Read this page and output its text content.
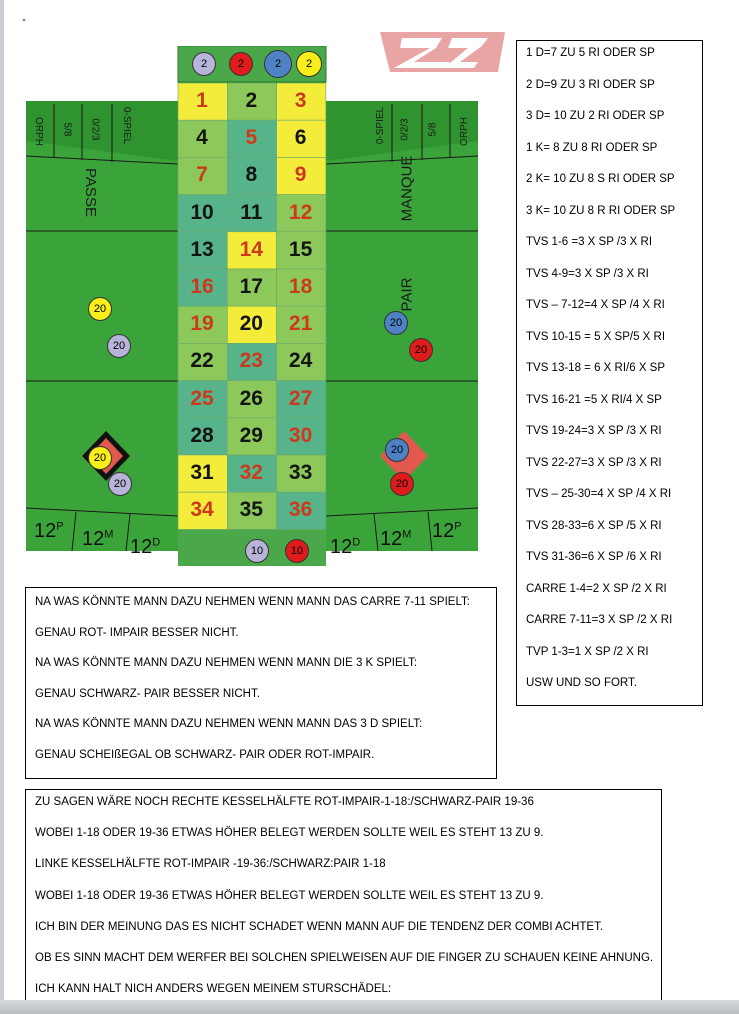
-
1	2	3
4	5	6
7	8	9
10	11	12
13	14	15
16	17	18
19	20	21
22	23	24
25	26	27
28	29	30
31	32	33
34	35	36
PASSE	MANQUE
PAIR
ORPH 5/8 0/2/3 0-SPIEL	0-SPIEL 0/2/3 5/8 ORPH
$12^P$
$12^M$
$12^D$	$12^D$ $12^M$ $12^P$
2	2	2	2
20
20
20
20
20
20
20
20
10	10
1 D=7 ZU 5 RI ODER SP
2 D=9 ZU 3 RI ODER SP
3 D= 10 ZU 2 RI ODER SP
1 K= 8 ZU 8 RI ODER SP
2 K= 10 ZU 8 S RI ODER SP
3 K= 10 ZU 8 R RI ODER SP
TVS 1-6 =3 X SP /3 X RI
TVS 4-9=3 X SP /3 X RI
TVS – 7-12=4 X SP /4 X RI
TVS 10-15 = 5 X SP/5 X RI
TVS 13-18 = 6 X RI/6 X SP
TVS 16-21 =5 X RI/4 X SP
TVS 19-24=3 X SP /3 X RI
TVS 22-27=3 X SP /3 X RI
TVS – 25-30=4 X SP /4 X RI
TVS 28-33=6 X SP /5 X RI
TVS 31-36=6 X SP /6 X RI
CARRE 1-4=2 X SP /2 X RI
CARRE 7-11=3 X SP /2 X RI
TVP 1-3=1 X SP /2 X RI
USW UND SO FORT.
NA WAS KÖNNTE MANN DAZU NEHMEN WENN MANN DAS CARRE 7-11 SPIELT:
GENAU ROT- IMPAIR BESSER NICHT.
NA WAS KÖNNTE MANN DAZU NEHMEN WENN MANN DIE 3 K SPIELT:
GENAU SCHWARZ- PAIR BESSER NICHT.
NA WAS KÖNNTE MANN DAZU NEHMEN WENN MANN DAS 3 D SPIELT:
GENAU SCHEIßEGAL OB SCHWARZ- PAIR ODER ROT-IMPAIR.
ZU SAGEN WÄRE NOCH RECHTE KESSELHÄLFTE ROT-IMPAIR-1-18:/SCHWARZ-PAIR 19-36
WOBEI 1-18 ODER 19-36 ETWAS HÖHER BELEGT WERDEN SOLLTE WEIL ES STEHT 13 ZU 9.
LINKE KESSELHÄLFTE ROT-IMPAIR -19-36:/SCHWARZ:PAIR 1-18
WOBEI 1-18 ODER 19-36 ETWAS HÖHER BELEGT WERDEN SOLLTE WEIL ES STEHT 13 ZU 9.
ICH BIN DER MEINUNG DAS ES NICHT SCHADET WENN MANN AUF DIE TENDENZ DER COMBI ACHTET.
OB ES SINN MACHT DEM WERFER BEI SOLCHEN SPIELWEISEN AUF DIE FINGER ZU SCHAUEN KEINE AHNUNG.
ICH KANN HALT NICH ANDERS WEGEN MEINEM STURSCHÄDEL:
